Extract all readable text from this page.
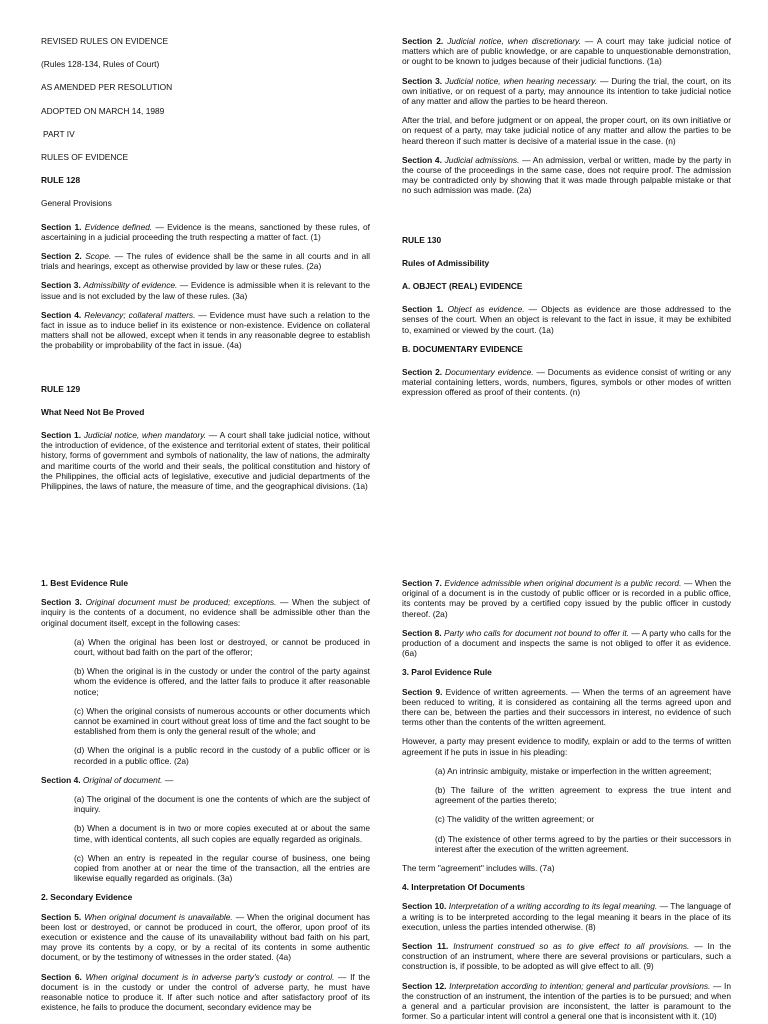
REVISED RULES ON EVIDENCE

(Rules 128-134, Rules of Court)

AS AMENDED PER RESOLUTION

ADOPTED ON MARCH 14, 1989

PART IV

RULES OF EVIDENCE

RULE 128

General Provisions

Section 1. Evidence defined. — Evidence is the means, sanctioned by these rules, of ascertaining in a judicial proceeding the truth respecting a matter of fact. (1)

Section 2. Scope. — The rules of evidence shall be the same in all courts and in all trials and hearings, except as otherwise provided by law or these rules. (2a)

Section 3. Admissibility of evidence. — Evidence is admissible when it is relevant to the issue and is not excluded by the law of these rules. (3a)

Section 4. Relevancy; collateral matters. — Evidence must have such a relation to the fact in issue as to induce belief in its existence or non-existence. Evidence on collateral matters shall not be allowed, except when it tends in any reasonable degree to establish the probability or improbability of the fact in issue. (4a)

RULE 129

What Need Not Be Proved

Section 1. Judicial notice, when mandatory. — A court shall take judicial notice, without the introduction of evidence, of the existence and territorial extent of states, their political history, forms of government and symbols of nationality, the law of nations, the admiralty and maritime courts of the world and their seals, the political constitution and history of the Philippines, the official acts of legislative, executive and judicial departments of the Philippines, the laws of nature, the measure of time, and the geographical divisions. (1a)

Section 2. Judicial notice, when discretionary. — A court may take judicial notice of matters which are of public knowledge, or are capable to unquestionable demonstration, or ought to be known to judges because of their judicial functions. (1a)

Section 3. Judicial notice, when hearing necessary. — During the trial, the court, on its own initiative, or on request of a party, may announce its intention to take judicial notice of any matter and allow the parties to be heard thereon.

After the trial, and before judgment or on appeal, the proper court, on its own initiative or on request of a party, may take judicial notice of any matter and allow the parties to be heard thereon if such matter is decisive of a material issue in the case. (n)

Section 4. Judicial admissions. — An admission, verbal or written, made by the party in the course of the proceedings in the same case, does not require proof. The admission may be contradicted only by showing that it was made through palpable mistake or that no such admission was made. (2a)

RULE 130

Rules of Admissibility

A. OBJECT (REAL) EVIDENCE

Section 1. Object as evidence. — Objects as evidence are those addressed to the senses of the court. When an object is relevant to the fact in issue, it may be exhibited to, examined or viewed by the court. (1a)

B. DOCUMENTARY EVIDENCE

Section 2. Documentary evidence. — Documents as evidence consist of writing or any material containing letters, words, numbers, figures, symbols or other modes of written expression offered as proof of their contents. (n)

1. Best Evidence Rule

Section 3. Original document must be produced; exceptions. — When the subject of inquiry is the contents of a document, no evidence shall be admissible other than the original document itself, except in the following cases:

(a) When the original has been lost or destroyed, or cannot be produced in court, without bad faith on the part of the offeror;

(b) When the original is in the custody or under the control of the party against whom the evidence is offered, and the latter fails to produce it after reasonable notice;

(c) When the original consists of numerous accounts or other documents which cannot be examined in court without great loss of time and the fact sought to be established from them is only the general result of the whole; and

(d) When the original is a public record in the custody of a public officer or is recorded in a public office. (2a)

Section 4. Original of document. —

(a) The original of the document is one the contents of which are the subject of inquiry.

(b) When a document is in two or more copies executed at or about the same time, with identical contents, all such copies are equally regarded as originals.

(c) When an entry is repeated in the regular course of business, one being copied from another at or near the time of the transaction, all the entries are likewise equally regarded as originals. (3a)

2. Secondary Evidence

Section 5. When original document is unavailable. — When the original document has been lost or destroyed, or cannot be produced in court, the offeror, upon proof of its execution or existence and the cause of its unavailability without bad faith on his part, may prove its contents by a copy, or by a recital of its contents in some authentic document, or by the testimony of witnesses in the order stated. (4a)

Section 6. When original document is in adverse party's custody or control. — If the document is in the custody or under the control of adverse party, he must have reasonable notice to produce it. If after such notice and after satisfactory proof of its existence, he fails to produce the document, secondary evidence may be

Section 7. Evidence admissible when original document is a public record. — When the original of a document is in the custody of public officer or is recorded in a public office, its contents may be proved by a certified copy issued by the public officer in custody thereof. (2a)

Section 8. Party who calls for document not bound to offer it. — A party who calls for the production of a document and inspects the same is not obliged to offer it as evidence. (6a)

3. Parol Evidence Rule

Section 9. Evidence of written agreements. — When the terms of an agreement have been reduced to writing, it is considered as containing all the terms agreed upon and there can be, between the parties and their successors in interest, no evidence of such terms other than the contents of the written agreement.

However, a party may present evidence to modify, explain or add to the terms of written agreement if he puts in issue in his pleading:

(a) An intrinsic ambiguity, mistake or imperfection in the written agreement;

(b) The failure of the written agreement to express the true intent and agreement of the parties thereto;

(c) The validity of the written agreement; or

(d) The existence of other terms agreed to by the parties or their successors in interest after the execution of the written agreement.

The term "agreement" includes wills. (7a)

4. Interpretation Of Documents

Section 10. Interpretation of a writing according to its legal meaning. — The language of a writing is to be interpreted according to the legal meaning it bears in the place of its execution, unless the parties intended otherwise. (8)

Section 11. Instrument construed so as to give effect to all provisions. — In the construction of an instrument, where there are several provisions or particulars, such a construction is, if possible, to be adopted as will give effect to all. (9)

Section 12. Interpretation according to intention; general and particular provisions. — In the construction of an instrument, the intention of the parties is to be pursued; and when a general and a particular provision are inconsistent, the latter is paramount to the former. So a particular intent will control a general one that is inconsistent with it. (10)
